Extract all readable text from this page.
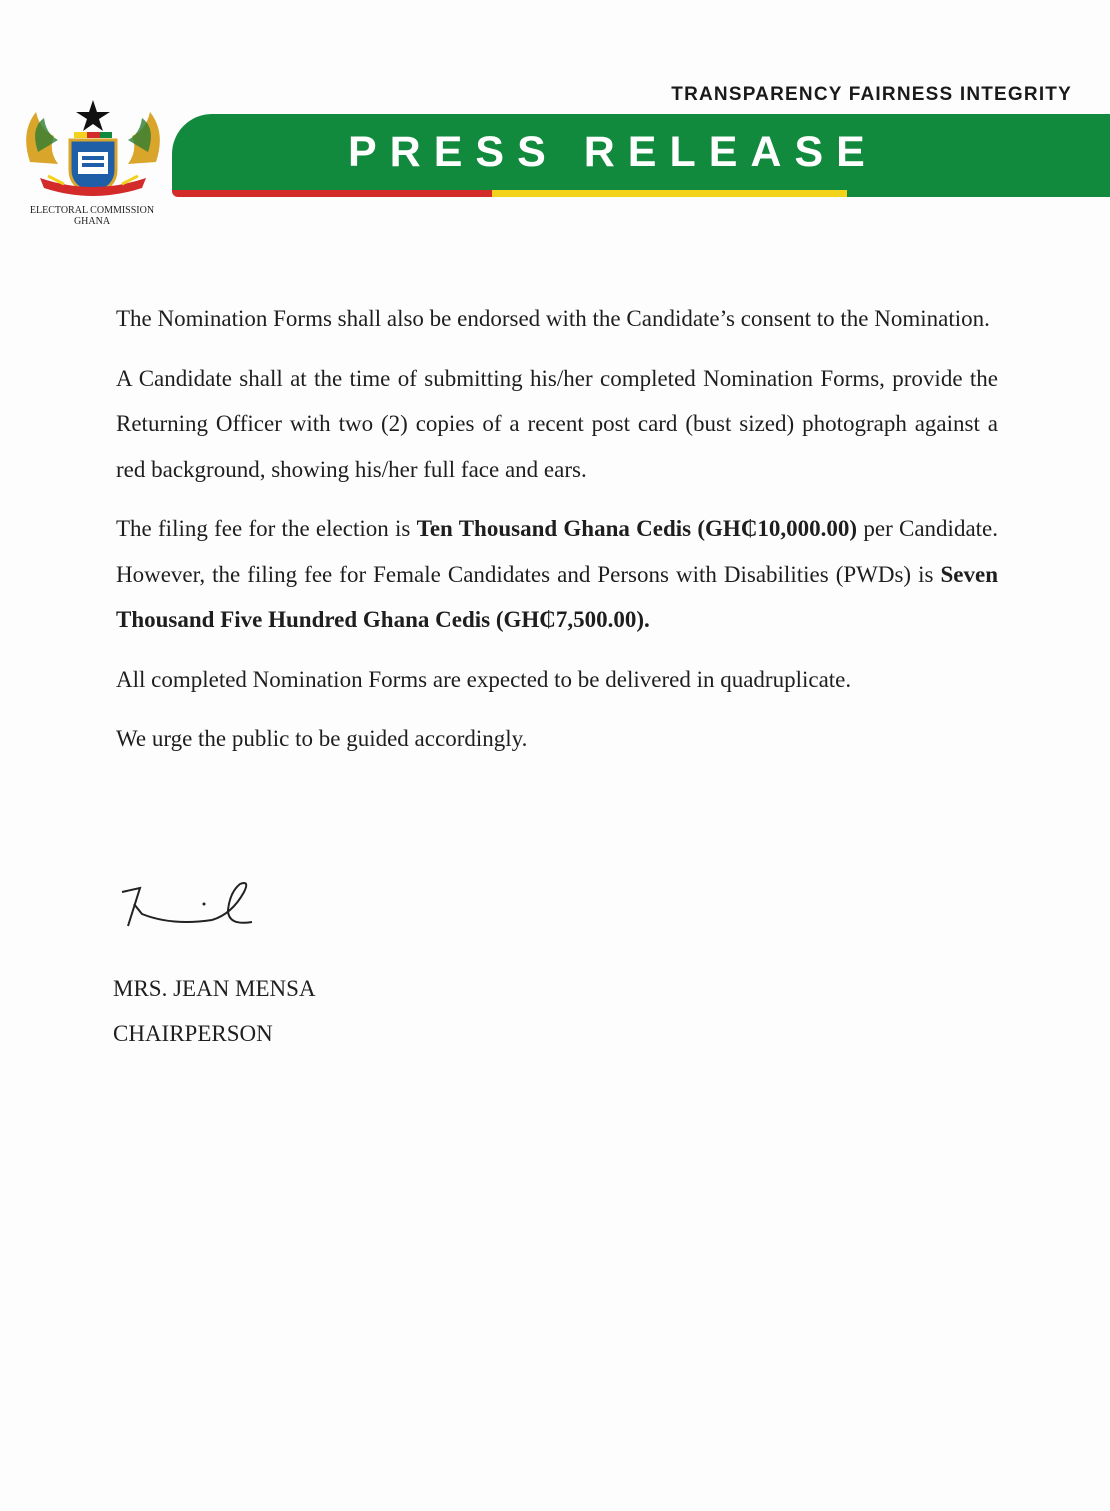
TRANSPARENCY FAIRNESS INTEGRITY
PRESS RELEASE
ELECTORAL COMMISSION
GHANA

The Nomination Forms shall also be endorsed with the Candidate’s consent to the Nomination.

A Candidate shall at the time of submitting his/her completed Nomination Forms, provide the Returning Officer with two (2) copies of a recent post card (bust sized) photograph against a red background, showing his/her full face and ears.

The filing fee for the election is Ten Thousand Ghana Cedis (GH₵10,000.00) per Candidate. However, the filing fee for Female Candidates and Persons with Disabilities (PWDs) is Seven Thousand Five Hundred Ghana Cedis (GH₵7,500.00).

All completed Nomination Forms are expected to be delivered in quadruplicate.

We urge the public to be guided accordingly.

MRS. JEAN MENSA
CHAIRPERSON
